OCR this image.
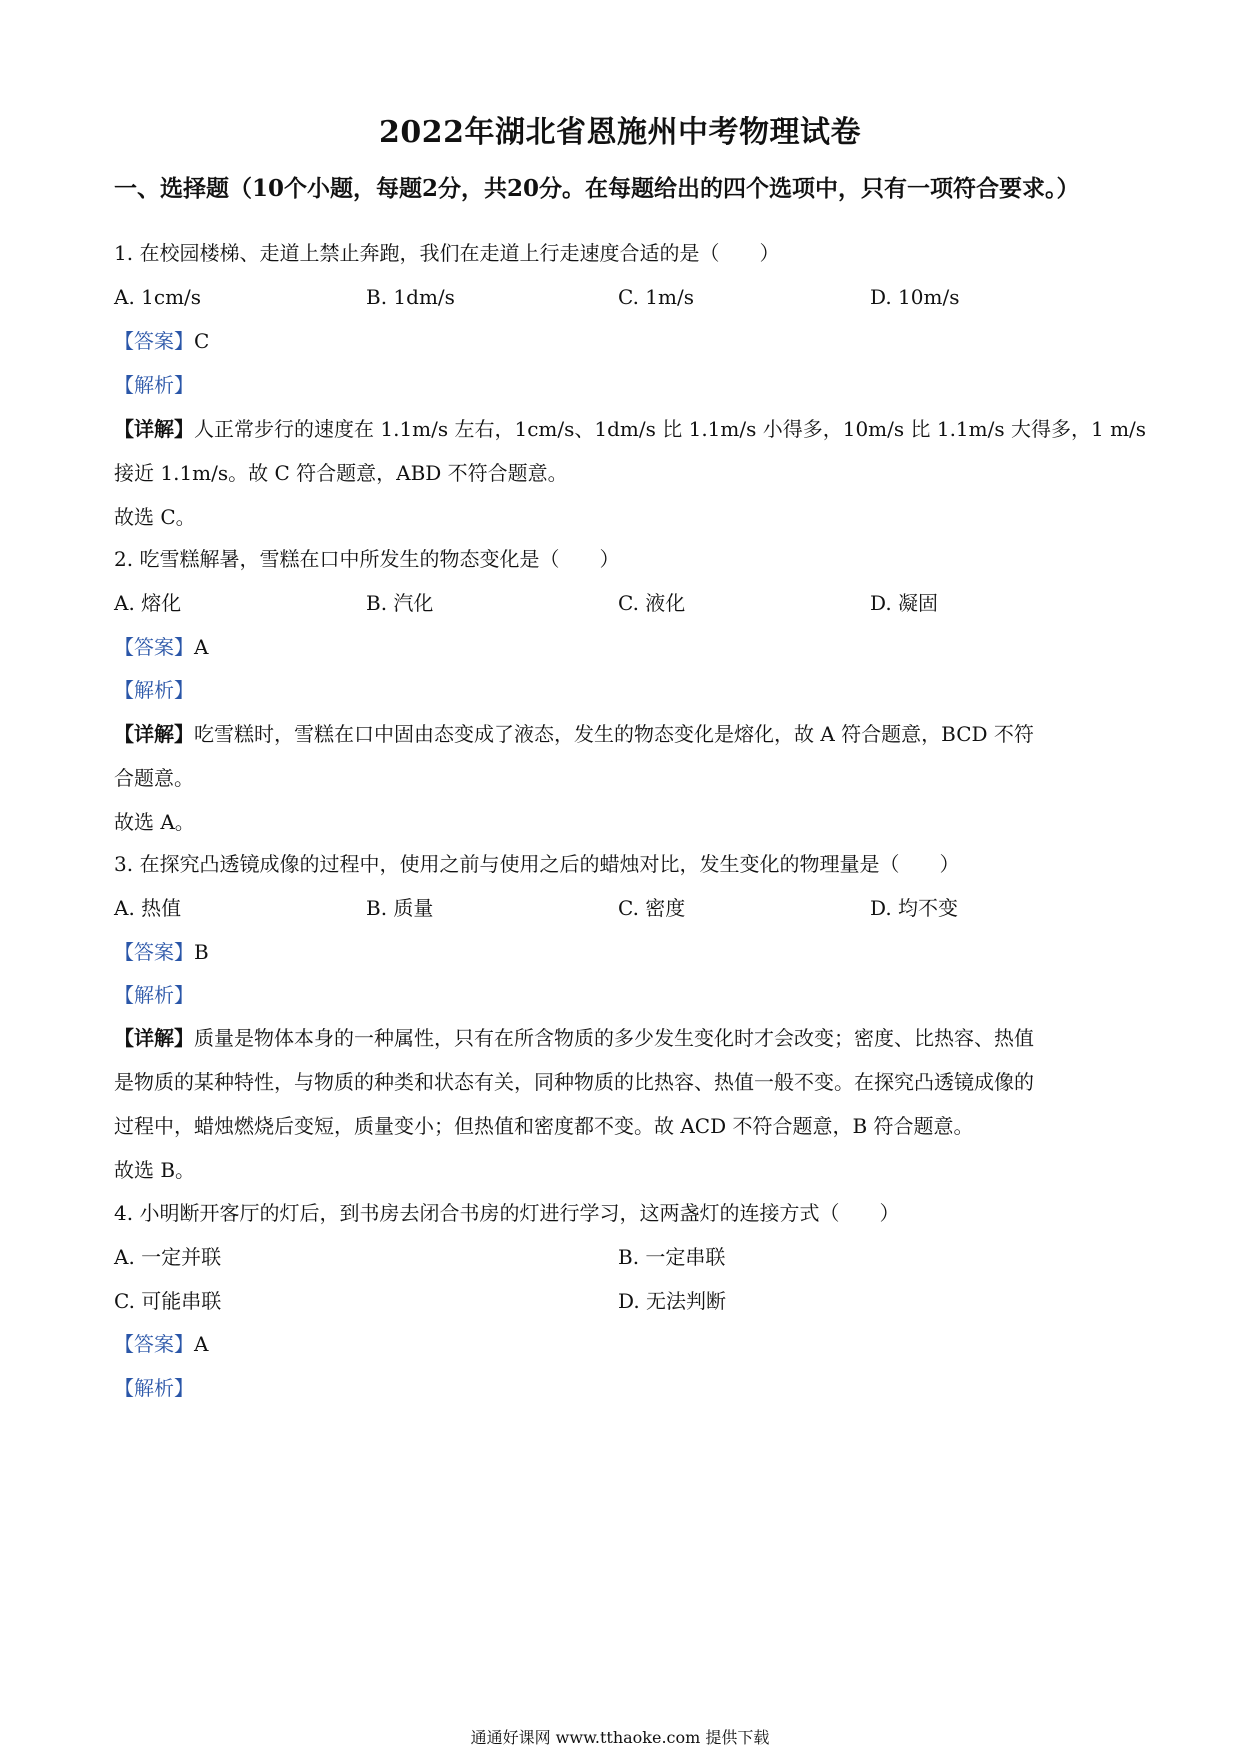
2022年湖北省恩施州中考物理试卷
一、选择题（10个小题，每题2分，共20分。在每题给出的四个选项中，只有一项符合要求。）
1. 在校园楼梯、走道上禁止奔跑，我们在走道上行走速度合适的是（　　）
A. 1cm/s	B. 1dm/s	C. 1m/s	D. 10m/s
【答案】C
【解析】
【详解】人正常步行的速度在 1.1m/s 左右，1cm/s、1dm/s 比 1.1m/s 小得多，10m/s 比 1.1m/s 大得多，1 m/s
接近 1.1m/s。故 C 符合题意，ABD 不符合题意。
故选 C。
2. 吃雪糕解暑，雪糕在口中所发生的物态变化是（　　）
A. 熔化	B. 汽化	C. 液化	D. 凝固
【答案】A
【解析】
【详解】吃雪糕时，雪糕在口中固由态变成了液态，发生的物态变化是熔化，故 A 符合题意，BCD 不符
合题意。
故选 A。
3. 在探究凸透镜成像的过程中，使用之前与使用之后的蜡烛对比，发生变化的物理量是（　　）
A. 热值	B. 质量	C. 密度	D. 均不变
【答案】B
【解析】
【详解】质量是物体本身的一种属性，只有在所含物质的多少发生变化时才会改变；密度、比热容、热值
是物质的某种特性，与物质的种类和状态有关，同种物质的比热容、热值一般不变。在探究凸透镜成像的
过程中，蜡烛燃烧后变短，质量变小；但热值和密度都不变。故 ACD 不符合题意，B 符合题意。
故选 B。
4. 小明断开客厅的灯后，到书房去闭合书房的灯进行学习，这两盏灯的连接方式（　　）
A. 一定并联	B. 一定串联
C. 可能串联	D. 无法判断
【答案】A
【解析】
通通好课网 www.tthaoke.com 提供下载
